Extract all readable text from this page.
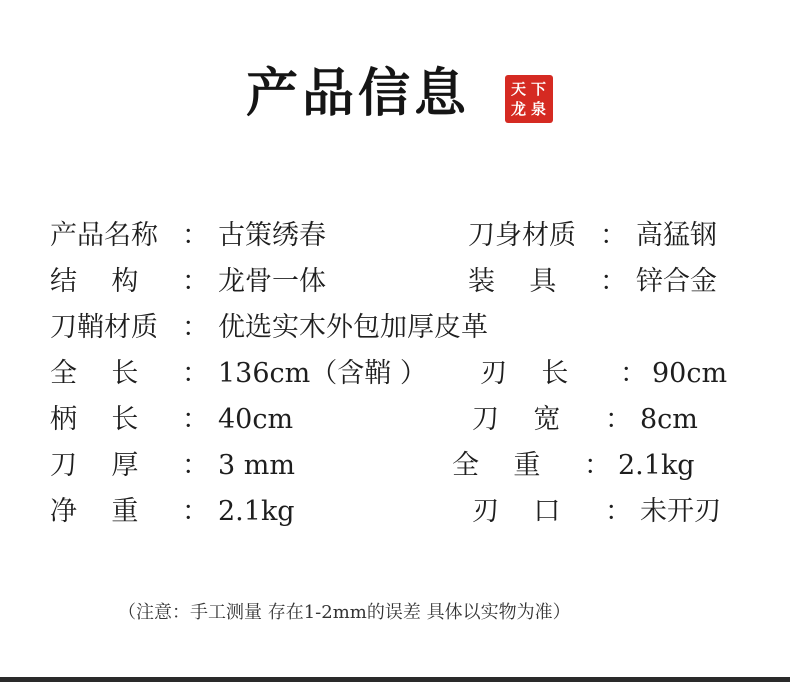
产品信息	天 下
龙 泉
产品名称 ： 古策绣春	刀身材质 ： 高猛钢
结    构 ： 龙骨一体	装    具 ： 锌合金
刀鞘材质 ： 优选实木外包加厚皮革
全    长 ： 136cm（含鞘 ） 刃    长 ： 90cm
柄    长 ： 40cm	刀    宽 ： 8cm
刀    厚 ： 3 mm	全    重 ： 2.1kg
净    重 ： 2.1kg	刃    口 ： 未开刃
（注意：手工测量 存在1-2mm的误差 具体以实物为准）
